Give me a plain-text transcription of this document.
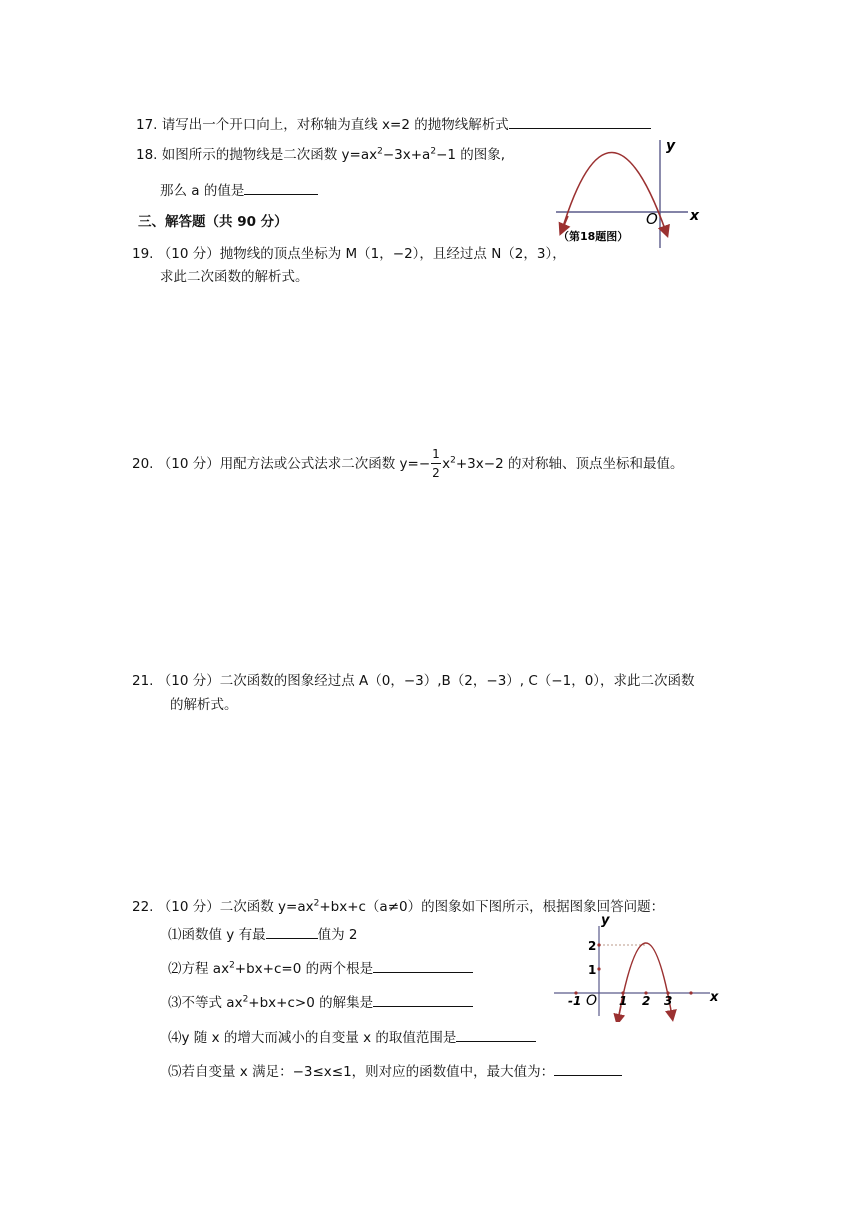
17. 请写出一个开口向上，对称轴为直线 x=2 的抛物线解析式
18. 如图所示的抛物线是二次函数 $y=ax^2-3x+a^2-1$ 的图象,
那么 a 的值是
y
x
O
（第18题图）
三、解答题（共 90 分）
19. （10 分）抛物线的顶点坐标为 M（1，−2），且经过点 N（2，3），
求此二次函数的解析式。
20. （10 分）用配方法或公式法求二次函数 $y=- \frac{1}{2} x^2+3x-2$ 的对称轴、顶点坐标和最值。
21. （10 分）二次函数的图象经过点 A（0，−3）,B（2，−3）, C（−1，0），求此二次函数
的解析式。
22. （10 分）二次函数 $y=ax^2+bx+c(a\ne 0)$的图象如下图所示，根据图象回答问题：
⑴函数值 y 有最	值为 2
⑵方程 $ax^2+bx+c=0$ 的两个根是
⑶不等式 $ax^2+bx+c>0$ 的解集是
⑷y 随 x 的增大而减小的自变量 x 的取值范围是
⑸若自变量 x 满足：−3≤x≤1，则对应的函数值中，最大值为：
y
x
O
-1	1 2 3
2
1
